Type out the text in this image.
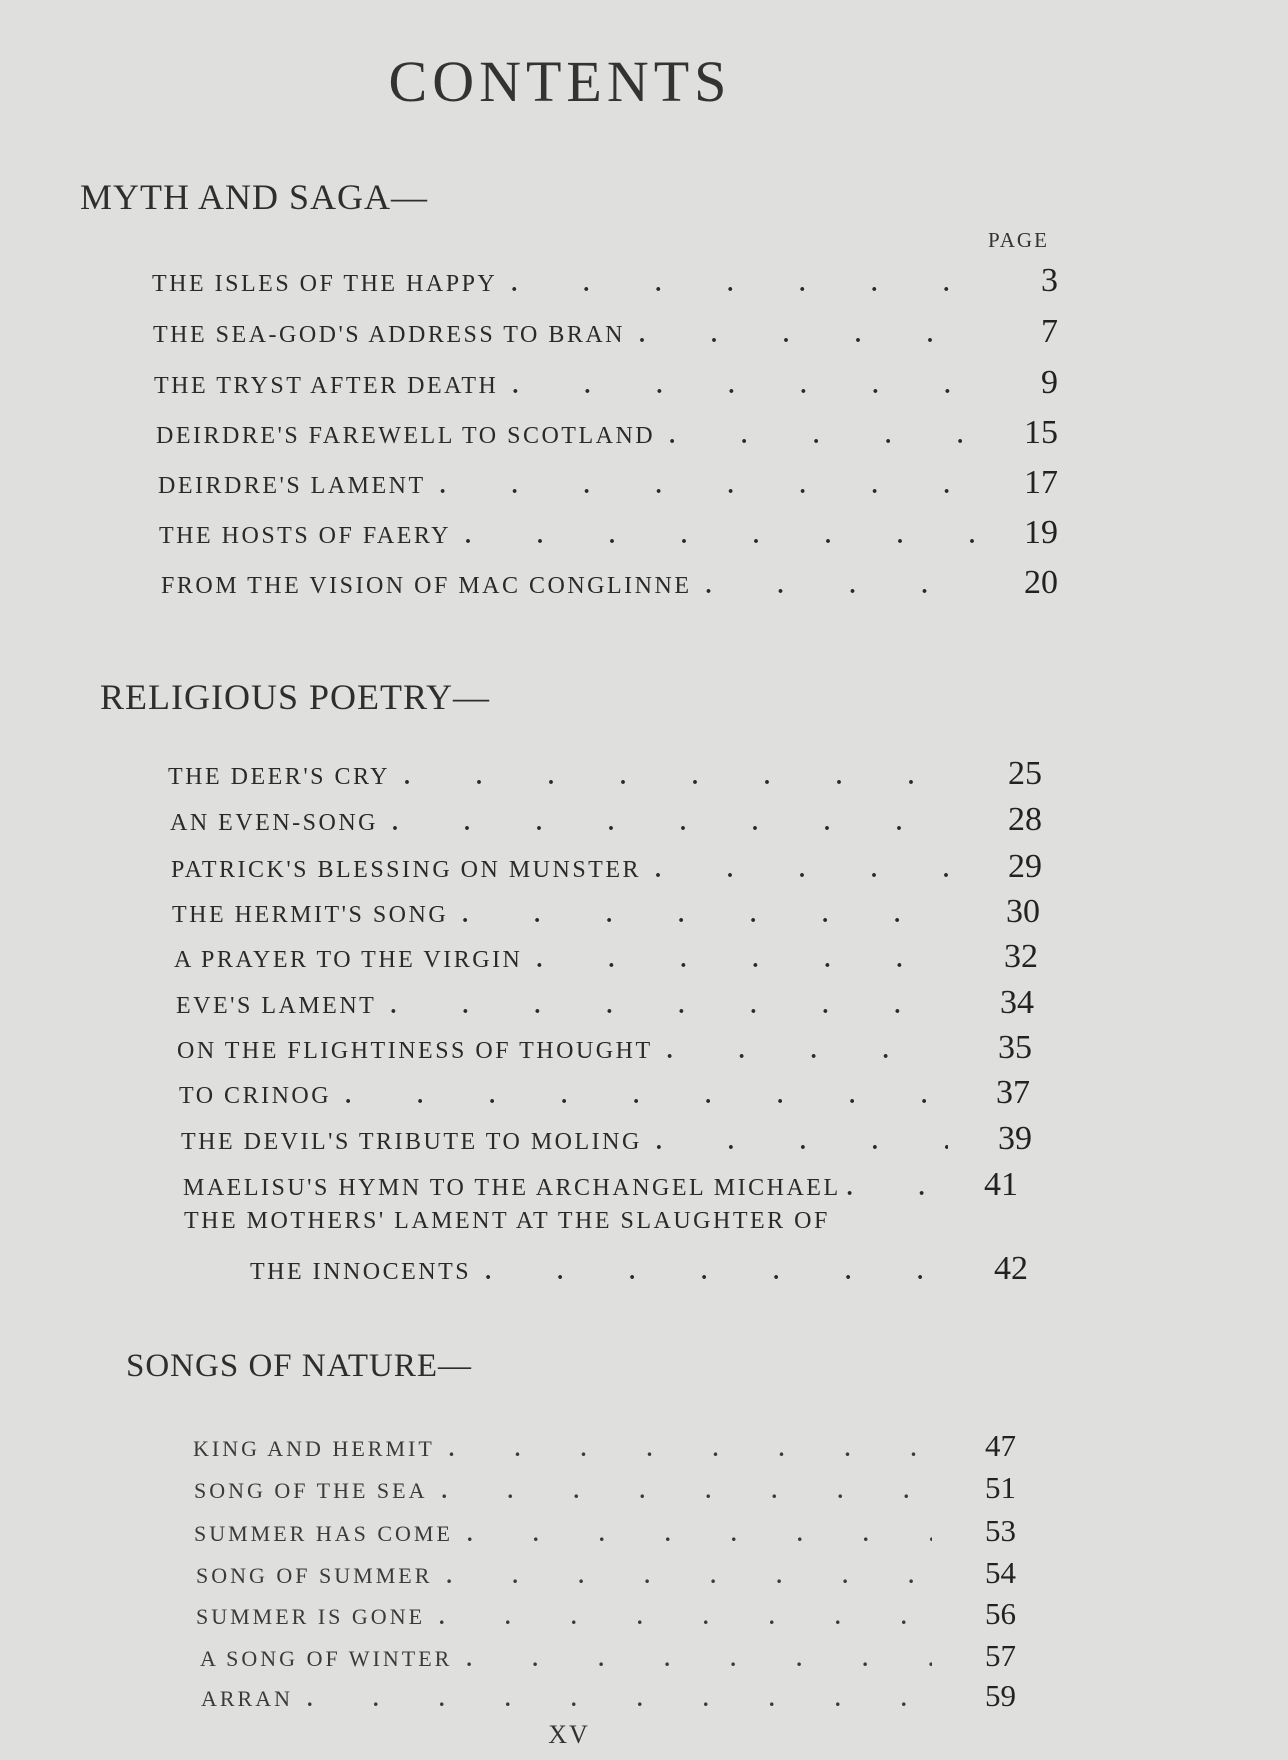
CONTENTS
MYTH AND SAGA—
PAGE
THE ISLES OF THE HAPPY .	3
THE SEA-GOD'S ADDRESS TO BRAN .	7
THE TRYST AFTER DEATH .	9
DEIRDRE'S FAREWELL TO SCOTLAND .	15
DEIRDRE'S LAMENT .	17
THE HOSTS OF FAERY .	19
FROM THE VISION OF MAC CONGLINNE .	20
RELIGIOUS POETRY—
THE DEER'S CRY .	25
AN EVEN-SONG .	28
PATRICK'S BLESSING ON MUNSTER .	29
THE HERMIT'S SONG .	30
A PRAYER TO THE VIRGIN .	32
EVE'S LAMENT .	34
ON THE FLIGHTINESS OF THOUGHT .	35
TO CRINOG .	37
THE DEVIL'S TRIBUTE TO MOLING .	39
MAELISU'S HYMN TO THE ARCHANGEL MICHAEL .	41
THE MOTHERS' LAMENT AT THE SLAUGHTER OF
THE INNOCENTS .	42
SONGS OF NATURE—
KING AND HERMIT .	47
SONG OF THE SEA .	51
SUMMER HAS COME .	53
SONG OF SUMMER .	54
SUMMER IS GONE .	56
A SONG OF WINTER .	57
ARRAN .	59
XV
